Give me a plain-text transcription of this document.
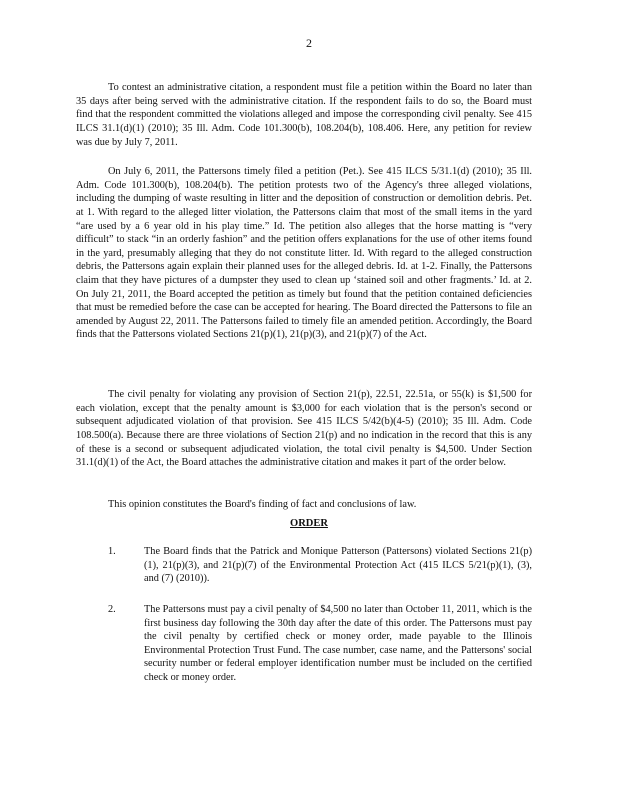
2

To contest an administrative citation, a respondent must file a petition within the Board no later than 35 days after being served with the administrative citation. If the respondent fails to do so, the Board must find that the respondent committed the violations alleged and impose the corresponding civil penalty. See 415 ILCS 31.1(d)(1) (2010); 35 Ill. Adm. Code 101.300(b), 108.204(b), 108.406. Here, any petition for review was due by July 7, 2011.

On July 6, 2011, the Pattersons timely filed a petition (Pet.). See 415 ILCS 5/31.1(d) (2010); 35 Ill. Adm. Code 101.300(b), 108.204(b). The petition protests two of the Agency's three alleged violations, including the dumping of waste resulting in litter and the deposition of construction or demolition debris. Pet. at 1. With regard to the alleged litter violation, the Pattersons claim that most of the small items in the yard “are used by a 6 year old in his play time.” Id. The petition also alleges that the horse matting is “very difficult” to stack “in an orderly fashion” and the petition offers explanations for the use of other items found in the yard, presumably alleging that they do not constitute litter. Id. With regard to the alleged construction debris, the Pattersons again explain their planned uses for the alleged debris. Id. at 1-2. Finally, the Pattersons claim that they have pictures of a dumpster they used to clean up ‘stained soil and other fragments.’ Id. at 2. On July 21, 2011, the Board accepted the petition as timely but found that the petition contained deficiencies that must be remedied before the case can be accepted for hearing. The Board directed the Pattersons to file an amended by August 22, 2011. The Pattersons failed to timely file an amended petition. Accordingly, the Board finds that the Pattersons violated Sections 21(p)(1), 21(p)(3), and 21(p)(7) of the Act.

The civil penalty for violating any provision of Section 21(p), 22.51, 22.51a, or 55(k) is $1,500 for each violation, except that the penalty amount is $3,000 for each violation that is the person's second or subsequent adjudicated violation of that provision. See 415 ILCS 5/42(b)(4-5) (2010); 35 Ill. Adm. Code 108.500(a). Because there are three violations of Section 21(p) and no indication in the record that this is any of these is a second or subsequent adjudicated violation, the total civil penalty is $4,500. Under Section 31.1(d)(1) of the Act, the Board attaches the administrative citation and makes it part of the order below.

This opinion constitutes the Board's finding of fact and conclusions of law.

ORDER
1.	The Board finds that the Patrick and Monique Patterson (Pattersons) violated Sections 21(p)(1), 21(p)(3), and 21(p)(7) of the Environmental Protection Act (415 ILCS 5/21(p)(1), (3), and (7) (2010)).
2.	The Pattersons must pay a civil penalty of $4,500 no later than October 11, 2011, which is the first business day following the 30th day after the date of this order. The Pattersons must pay the civil penalty by certified check or money order, made payable to the Illinois Environmental Protection Trust Fund. The case number, case name, and the Pattersons' social security number or federal employer identification number must be included on the certified check or money order.
